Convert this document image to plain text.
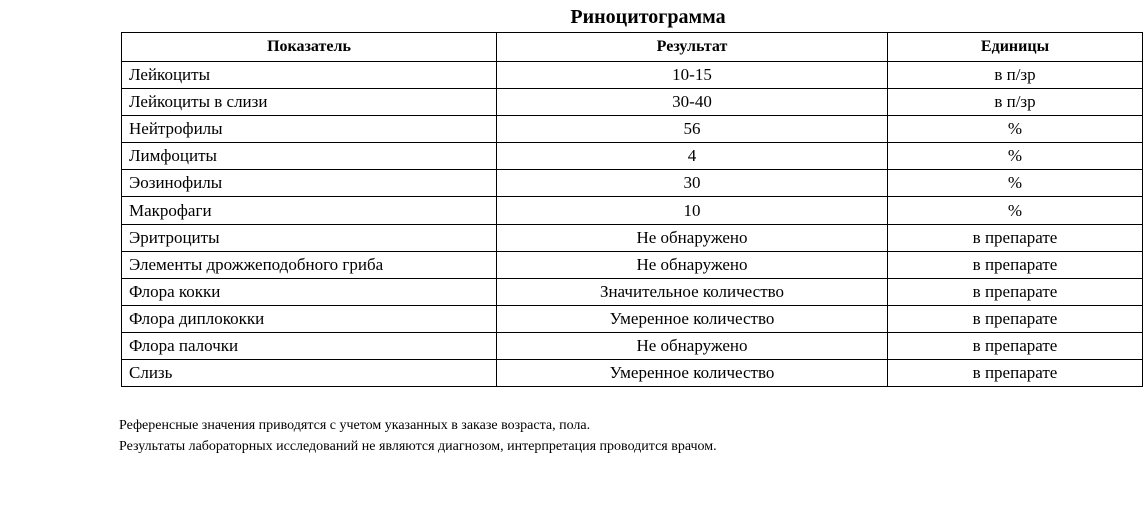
Риноцитограмма
Показатель	Результат	Единицы
Лейкоциты	10-15	в п/зр
Лейкоциты в слизи	30-40	в п/зр
Нейтрофилы	56	%
Лимфоциты	4	%
Эозинофилы	30	%
Макрофаги	10	%
Эритроциты	Не обнаружено	в препарате
Элементы дрожжеподобного гриба	Не обнаружено	в препарате
Флора кокки	Значительное количество	в препарате
Флора диплококки	Умеренное количество	в препарате
Флора палочки	Не обнаружено	в препарате
Слизь	Умеренное количество	в препарате
Референсные значения приводятся с учетом указанных в заказе возраста, пола.
Результаты лабораторных исследований не являются диагнозом, интерпретация проводится врачом.
